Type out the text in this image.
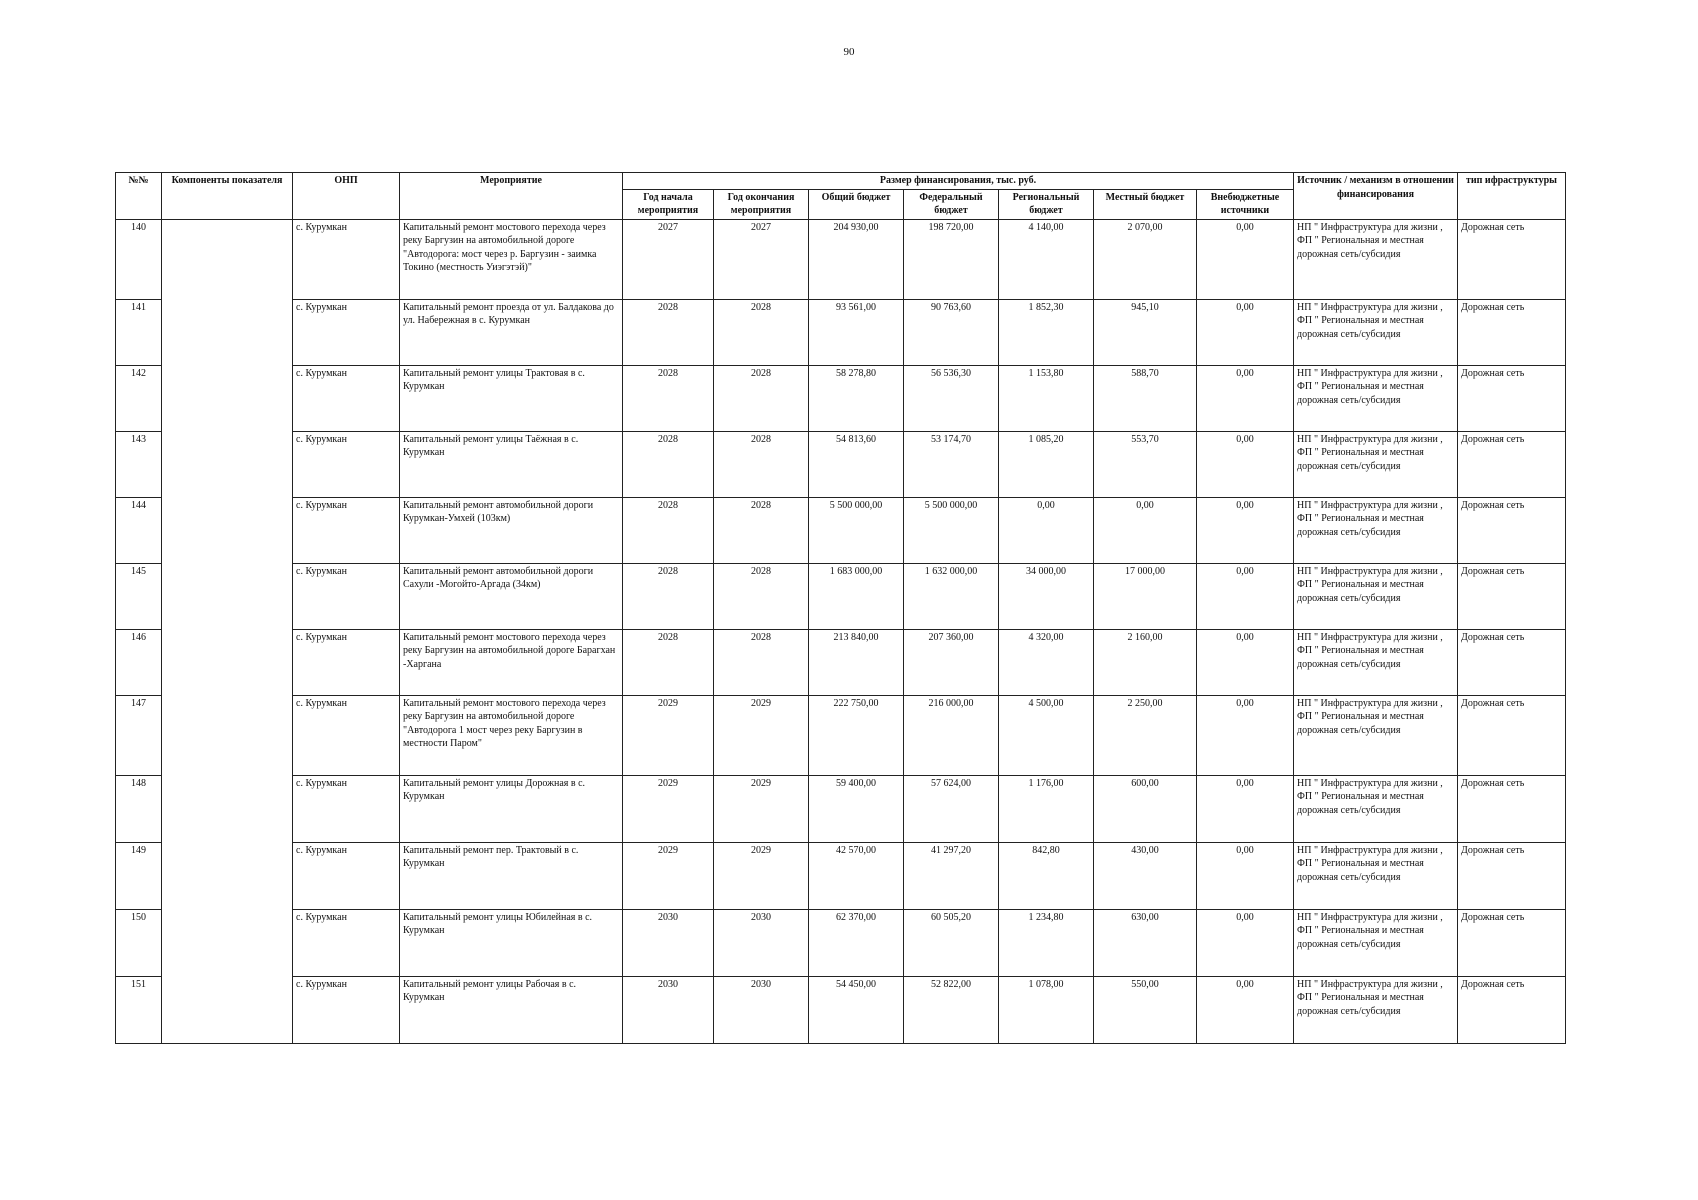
90
№№	Компоненты показателя	ОНП	Мероприятие	Размер финансирования, тыс. руб.							Источник / механизм в отношении финансирования	тип ифраструктуры
				Год начала мероприятия	Год окончания мероприятия	Общий бюджет	Федеральный бюджет	Региональный бюджет	Местный бюджет	Внебюджетные источники		
140		с. Курумкан	Капитальный ремонт мостового перехода через реку Баргузин на автомобильной дороге "Автодорога: мост через р. Баргузин - заимка
Токино (местность Уиэгэтэй)"	2027	2027	204 930,00	198 720,00	4 140,00	2 070,00	0,00	НП " Инфраструктура для жизни , ФП " Региональная и местная дорожная сеть/субсидия	Дорожная сеть
141		с. Курумкан	Капитальный ремонт проезда от ул. Балдакова до ул. Набережная в с. Курумкан	2028	2028	93 561,00	90 763,60	1 852,30	945,10	0,00	НП " Инфраструктура для жизни , ФП " Региональная и местная дорожная сеть/субсидия	Дорожная сеть
142		с. Курумкан	Капитальный ремонт улицы Трактовая в с. Курумкан	2028	2028	58 278,80	56 536,30	1 153,80	588,70	0,00	НП " Инфраструктура для жизни , ФП " Региональная и местная дорожная сеть/субсидия	Дорожная сеть
143		с. Курумкан	Капитальный ремонт улицы Таёжная в с. Курумкан	2028	2028	54 813,60	53 174,70	1 085,20	553,70	0,00	НП " Инфраструктура для жизни , ФП " Региональная и местная дорожная сеть/субсидия	Дорожная сеть
144		с. Курумкан	Капитальный ремонт автомобильной дороги Курумкан-Умхей (103км)	2028	2028	5 500 000,00	5 500 000,00	0,00	0,00	0,00	НП " Инфраструктура для жизни , ФП " Региональная и местная дорожная сеть/субсидия	Дорожная сеть
145		с. Курумкан	Капитальный ремонт автомобильной дороги Сахули -Могойто-Аргада (34км)	2028	2028	1 683 000,00	1 632 000,00	34 000,00	17 000,00	0,00	НП " Инфраструктура для жизни , ФП " Региональная и местная дорожная сеть/субсидия	Дорожная сеть
146		с. Курумкан	Капитальный ремонт мостового перехода через реку Баргузин на автомобильной дороге Барагхан -Харгана	2028	2028	213 840,00	207 360,00	4 320,00	2 160,00	0,00	НП " Инфраструктура для жизни , ФП " Региональная и местная дорожная сеть/субсидия	Дорожная сеть
147		с. Курумкан	Капитальный ремонт мостового перехода через реку Баргузин на автомобильной дороге "Автодорога 1 мост через реку Баргузин в местности Паром"	2029	2029	222 750,00	216 000,00	4 500,00	2 250,00	0,00	НП " Инфраструктура для жизни , ФП " Региональная и местная дорожная сеть/субсидия	Дорожная сеть
148		с. Курумкан	Капитальный ремонт улицы Дорожная в с. Курумкан	2029	2029	59 400,00	57 624,00	1 176,00	600,00	0,00	НП " Инфраструктура для жизни , ФП " Региональная и местная дорожная сеть/субсидия	Дорожная сеть
149		с. Курумкан	Капитальный ремонт пер. Трактовый в с. Курумкан	2029	2029	42 570,00	41 297,20	842,80	430,00	0,00	НП " Инфраструктура для жизни , ФП " Региональная и местная дорожная сеть/субсидия	Дорожная сеть
150		с. Курумкан	Капитальный ремонт улицы Юбилейная в с. Курумкан	2030	2030	62 370,00	60 505,20	1 234,80	630,00	0,00	НП " Инфраструктура для жизни , ФП " Региональная и местная дорожная сеть/субсидия	Дорожная сеть
151		с. Курумкан	Капитальный ремонт улицы Рабочая в с. Курумкан	2030	2030	54 450,00	52 822,00	1 078,00	550,00	0,00	НП " Инфраструктура для жизни , ФП " Региональная и местная дорожная сеть/субсидия	Дорожная сеть
